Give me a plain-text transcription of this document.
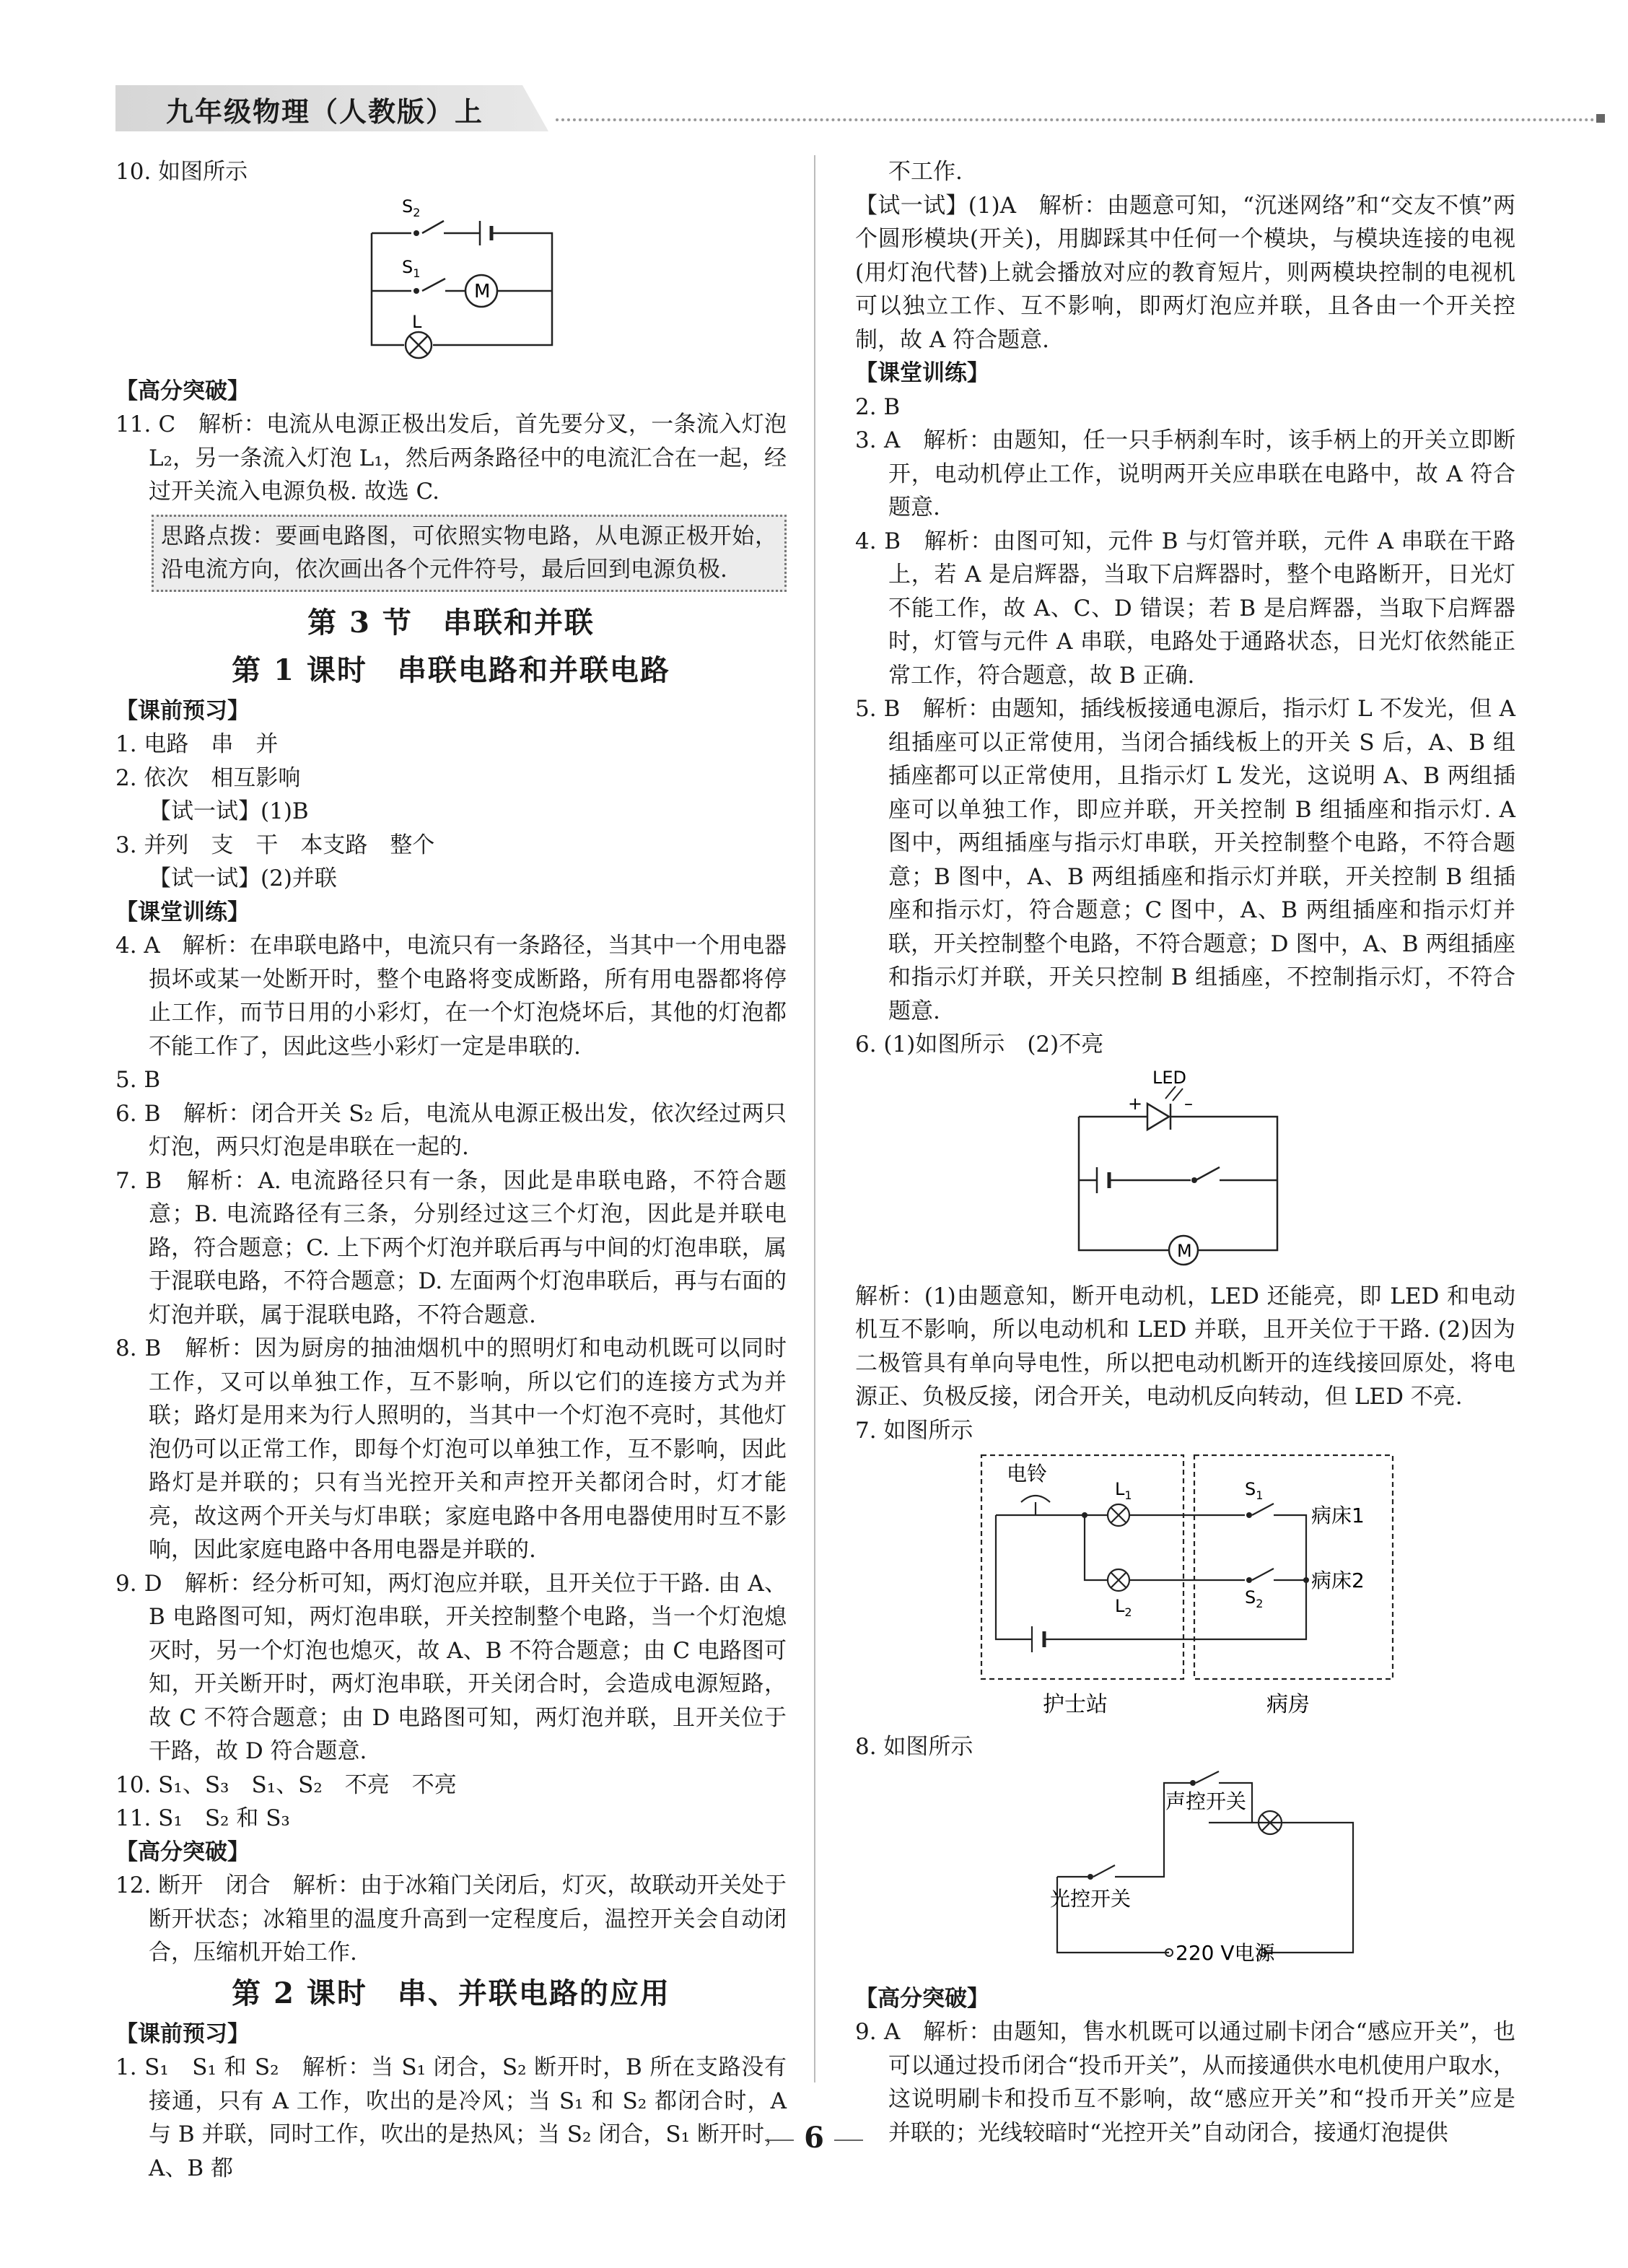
九年级物理（人教版）上

10. 如图所示

$S_2$
$S_1$
M
L

【高分突破】

11. C　解析：电流从电源正极出发后，首先要分叉，一条流入灯泡 L₂，另一条流入灯泡 L₁，然后两条路径中的电流汇合在一起，经过开关流入电源负极. 故选 C.

思路点拨：要画电路图，可依照实物电路，从电源正极开始，沿电流方向，依次画出各个元件符号，最后回到电源负极.
第 3 节　串联和并联
第 1 课时　串联电路和并联电路

【课前预习】

1. 电路　串　并

2. 依次　相互影响

【试一试】(1)B

3. 并列　支　干　本支路　整个

【试一试】(2)并联

【课堂训练】

4. A　解析：在串联电路中，电流只有一条路径，当其中一个用电器损坏或某一处断开时，整个电路将变成断路，所有用电器都将停止工作，而节日用的小彩灯，在一个灯泡烧坏后，其他的灯泡都不能工作了，因此这些小彩灯一定是串联的.

5. B

6. B　解析：闭合开关 S₂ 后，电流从电源正极出发，依次经过两只灯泡，两只灯泡是串联在一起的.

7. B　解析：A. 电流路径只有一条，因此是串联电路，不符合题意；B. 电流路径有三条，分别经过这三个灯泡，因此是并联电路，符合题意；C. 上下两个灯泡并联后再与中间的灯泡串联，属于混联电路，不符合题意；D. 左面两个灯泡串联后，再与右面的灯泡并联，属于混联电路，不符合题意.

8. B　解析：因为厨房的抽油烟机中的照明灯和电动机既可以同时工作，又可以单独工作，互不影响，所以它们的连接方式为并联；路灯是用来为行人照明的，当其中一个灯泡不亮时，其他灯泡仍可以正常工作，即每个灯泡可以单独工作，互不影响，因此路灯是并联的；只有当光控开关和声控开关都闭合时，灯才能亮，故这两个开关与灯串联；家庭电路中各用电器使用时互不影响，因此家庭电路中各用电器是并联的.

9. D　解析：经分析可知，两灯泡应并联，且开关位于干路. 由 A、B 电路图可知，两灯泡串联，开关控制整个电路，当一个灯泡熄灭时，另一个灯泡也熄灭，故 A、B 不符合题意；由 C 电路图可知，开关断开时，两灯泡串联，开关闭合时，会造成电源短路，故 C 不符合题意；由 D 电路图可知，两灯泡并联，且开关位于干路，故 D 符合题意.

10. S₁、S₃　S₁、S₂　不亮　不亮

11. S₁　S₂ 和 S₃

【高分突破】

12. 断开　闭合　解析：由于冰箱门关闭后，灯灭，故联动开关处于断开状态；冰箱里的温度升高到一定程度后，温控开关会自动闭合，压缩机开始工作.

第 2 课时　串、并联电路的应用

【课前预习】

1. S₁　S₁ 和 S₂　解析：当 S₁ 闭合，S₂ 断开时，B 所在支路没有接通，只有 A 工作，吹出的是冷风；当 S₁ 和 S₂ 都闭合时，A 与 B 并联，同时工作，吹出的是热风；当 S₂ 闭合，S₁ 断开时，A、B 都

不工作.

【试一试】(1)A　解析：由题意可知，“沉迷网络”和“交友不慎”两个圆形模块(开关)，用脚踩其中任何一个模块，与模块连接的电视(用灯泡代替)上就会播放对应的教育短片，则两模块控制的电视机可以独立工作、互不影响，即两灯泡应并联，且各由一个开关控制，故 A 符合题意.

【课堂训练】

2. B

3. A　解析：由题知，任一只手柄刹车时，该手柄上的开关立即断开，电动机停止工作，说明两开关应串联在电路中，故 A 符合题意.

4. B　解析：由图可知，元件 B 与灯管并联，元件 A 串联在干路上，若 A 是启辉器，当取下启辉器时，整个电路断开，日光灯不能工作，故 A、C、D 错误；若 B 是启辉器，当取下启辉器时，灯管与元件 A 串联，电路处于通路状态，日光灯依然能正常工作，符合题意，故 B 正确.

5. B　解析：由题知，插线板接通电源后，指示灯 L 不发光，但 A 组插座可以正常使用，当闭合插线板上的开关 S 后，A、B 组插座都可以正常使用，且指示灯 L 发光，这说明 A、B 两组插座可以单独工作，即应并联，开关控制 B 组插座和指示灯. A 图中，两组插座与指示灯串联，开关控制整个电路，不符合题意；B 图中，A、B 两组插座和指示灯并联，开关控制 B 组插座和指示灯，符合题意；C 图中，A、B 两组插座和指示灯并联，开关控制整个电路，不符合题意；D 图中，A、B 两组插座和指示灯并联，开关只控制 B 组插座，不控制指示灯，不符合题意.

6. (1)如图所示　(2)不亮

LED
+ –
M

解析：(1)由题意知，断开电动机，LED 还能亮，即 LED 和电动机互不影响，所以电动机和 LED 并联，且开关位于干路. (2)因为二极管具有单向导电性，所以把电动机断开的连线接回原处，将电源正、负极反接，闭合开关，电动机反向转动，但 LED 不亮.

7. 如图所示

电铃
$L_1$
$L_2$
$S_1$
$S_2$
病床1
病床2
护士站	病房

8. 如图所示

声控开关
光控开关
220 V电源

【高分突破】

9. A　解析：由题知，售水机既可以通过刷卡闭合“感应开关”，也可以通过投币闭合“投币开关”，从而接通供水电机使用户取水，这说明刷卡和投币互不影响，故“感应开关”和“投币开关”应是并联的；光线较暗时“光控开关”自动闭合，接通灯泡提供

6
